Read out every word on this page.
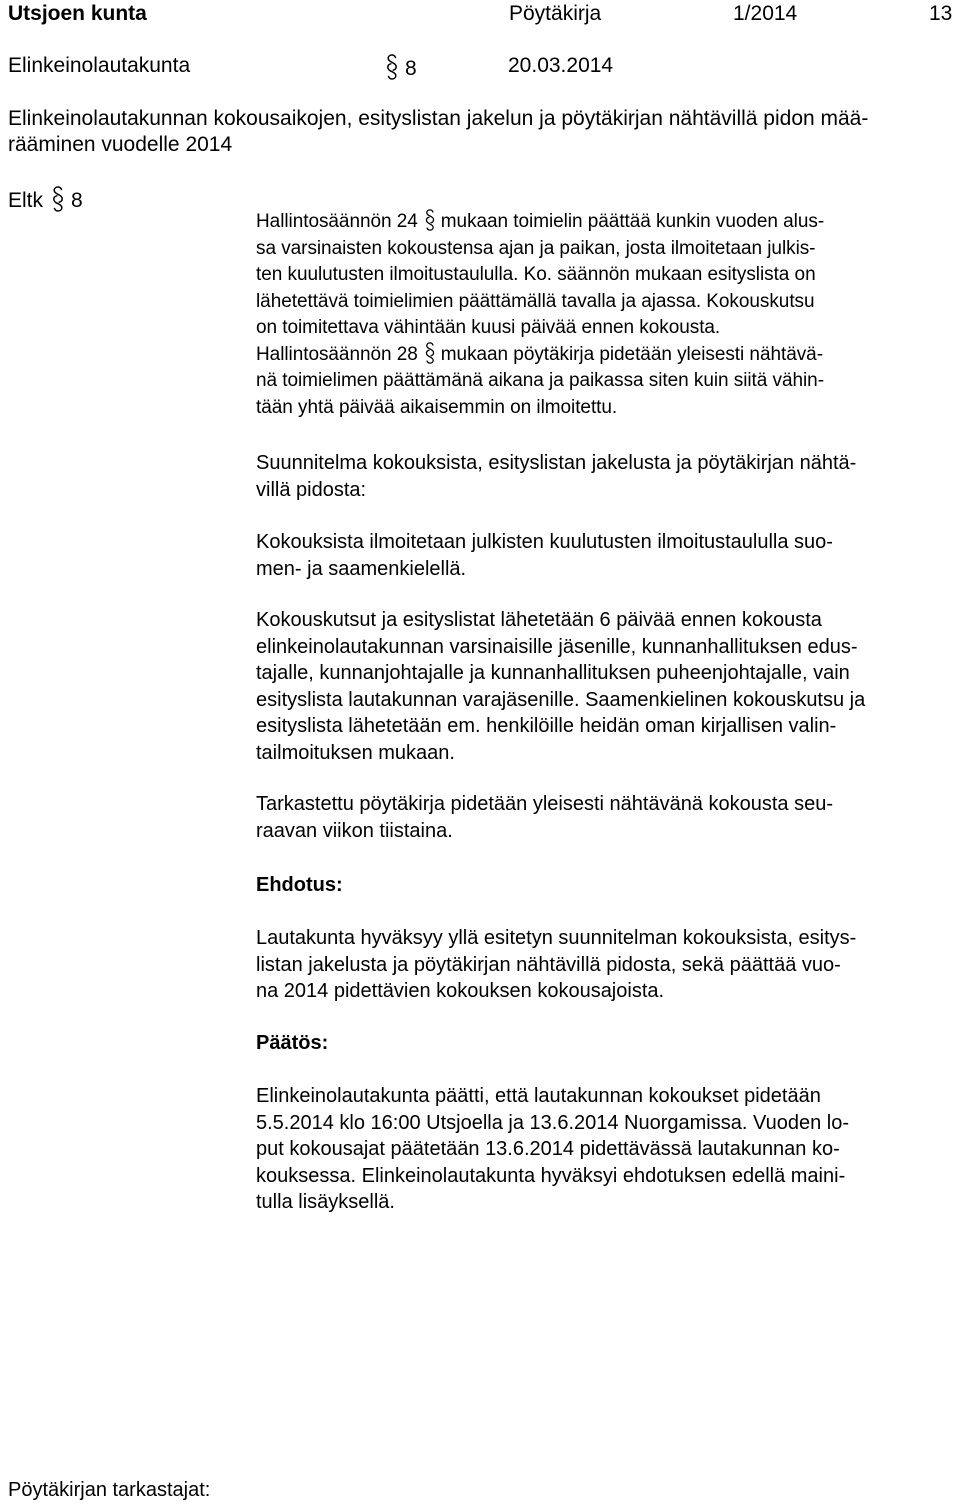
Utsjoen kunta	Pöytäkirja	1/2014	13
Elinkeinolautakunta	8	20.03.2014
Elinkeinolautakunnan kokousaikojen, esityslistan jakelun ja pöytäkirjan nähtävillä pidon mää-
rääminen vuodelle 2014
Eltk 8
Hallintosäännön 24 mukaan toimielin päättää kunkin vuoden alus-
sa varsinaisten kokoustensa ajan ja paikan, josta ilmoitetaan julkis-
ten kuulutusten ilmoitustaululla. Ko. säännön mukaan esityslista on
lähetettävä toimielimien päättämällä tavalla ja ajassa. Kokouskutsu
on toimitettava vähintään kuusi päivää ennen kokousta.
Hallintosäännön 28 mukaan pöytäkirja pidetään yleisesti nähtävä-
nä toimielimen päättämänä aikana ja paikassa siten kuin siitä vähin-
tään yhtä päivää aikaisemmin on ilmoitettu.
Suunnitelma kokouksista, esityslistan jakelusta ja pöytäkirjan nähtä-
villä pidosta:
Kokouksista ilmoitetaan julkisten kuulutusten ilmoitustaululla suo-
men- ja saamenkielellä.
Kokouskutsut ja esityslistat lähetetään 6 päivää ennen kokousta
elinkeinolautakunnan varsinaisille jäsenille, kunnanhallituksen edus-
tajalle, kunnanjohtajalle ja kunnanhallituksen puheenjohtajalle, vain
esityslista lautakunnan varajäsenille. Saamenkielinen kokouskutsu ja
esityslista lähetetään em. henkilöille heidän oman kirjallisen valin-
tailmoituksen mukaan.
Tarkastettu pöytäkirja pidetään yleisesti nähtävänä kokousta seu-
raavan viikon tiistaina.
Ehdotus:
Lautakunta hyväksyy yllä esitetyn suunnitelman kokouksista, esitys-
listan jakelusta ja pöytäkirjan nähtävillä pidosta, sekä päättää vuo-
na 2014 pidettävien kokouksen kokousajoista.
Päätös:
Elinkeinolautakunta päätti, että lautakunnan kokoukset pidetään
5.5.2014 klo 16:00 Utsjoella ja 13.6.2014 Nuorgamissa. Vuoden lo-
put kokousajat päätetään 13.6.2014 pidettävässä lautakunnan ko-
kouksessa. Elinkeinolautakunta hyväksyi ehdotuksen edellä maini-
tulla lisäyksellä.
Pöytäkirjan tarkastajat:
